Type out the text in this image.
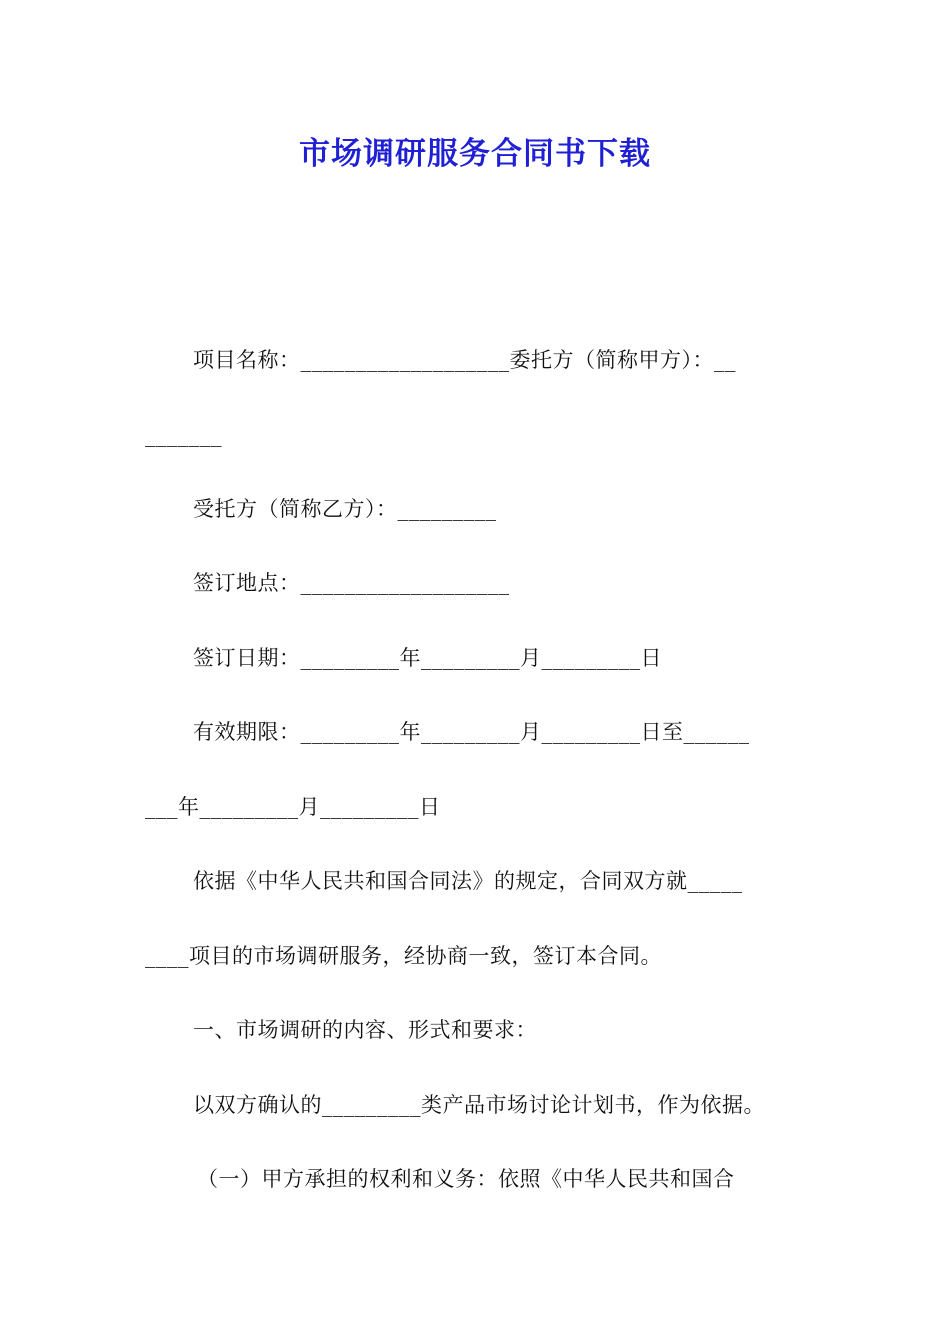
市场调研服务合同书下载
项目名称：___________________委托方（简称甲方）：__
_______
受托方（简称乙方）：_________
签订地点：___________________
签订日期：_________年_________月_________日
有效期限：_________年_________月_________日至______
___年_________月_________日
依据《中华人民共和国合同法》的规定，合同双方就_____
____项目的市场调研服务，经协商一致，签订本合同。
一、市场调研的内容、形式和要求：
以双方确认的_________类产品市场讨论计划书，作为依据。
（一）甲方承担的权利和义务：依照《中华人民共和国合
